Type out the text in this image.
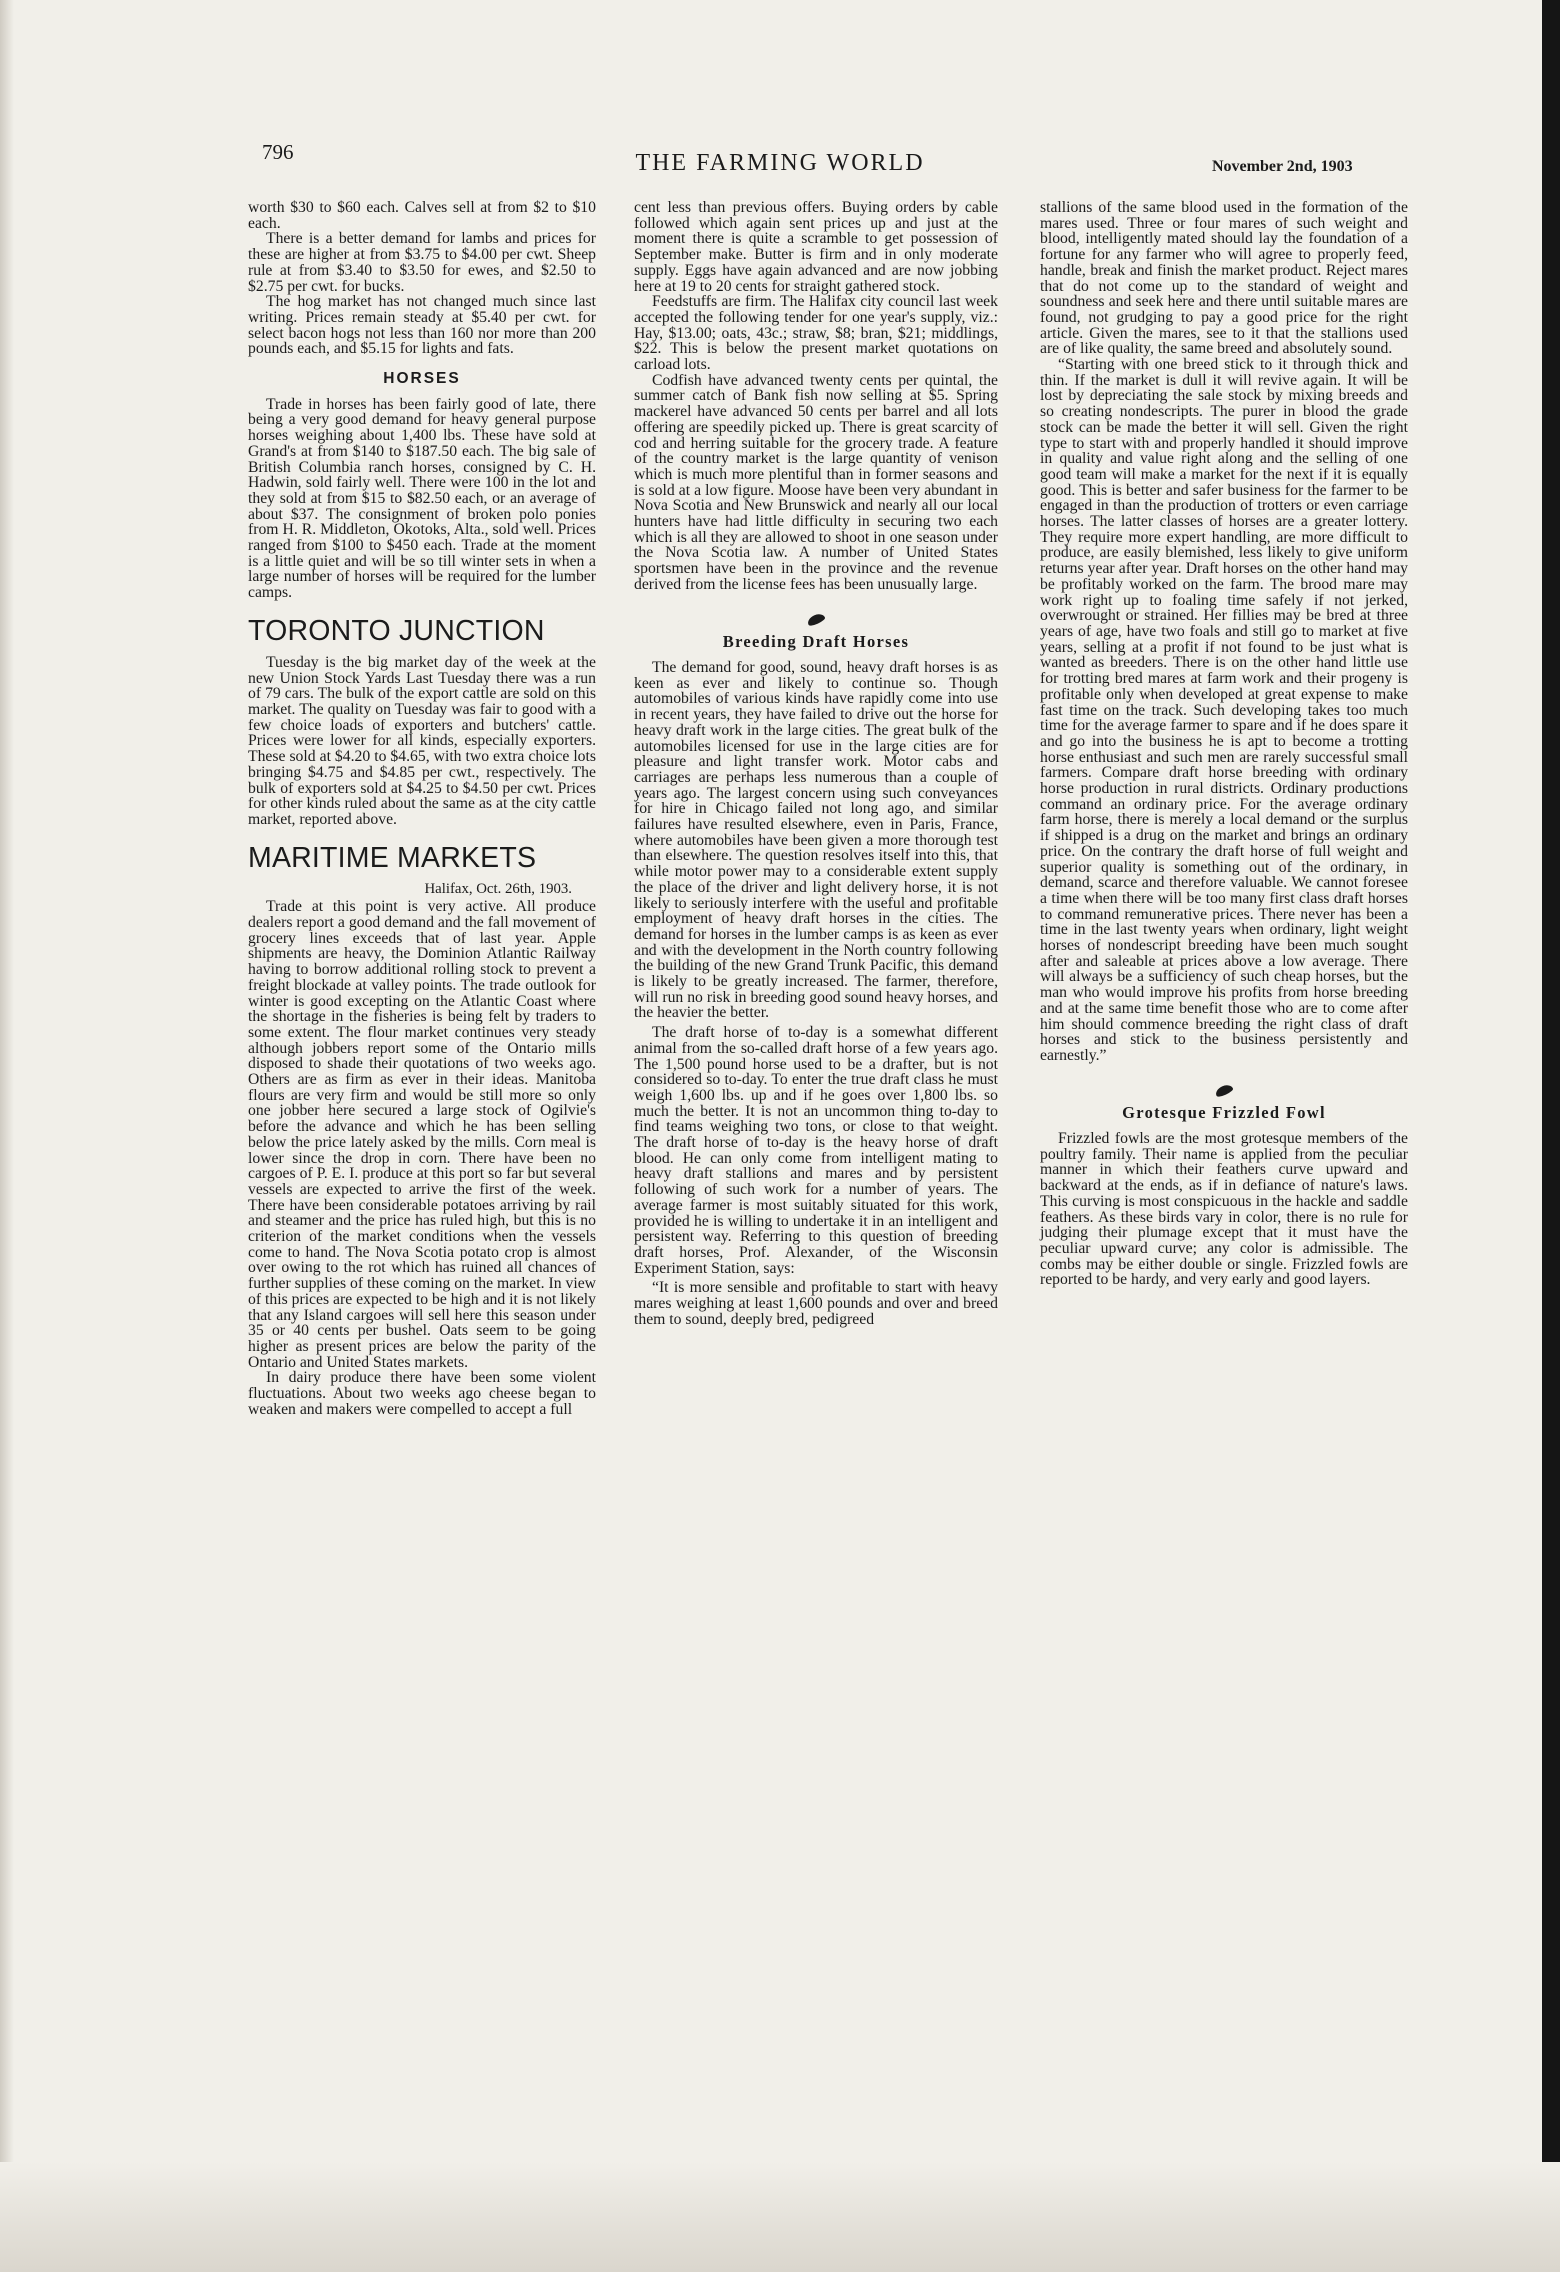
796	THE FARMING WORLD	November 2nd, 1903

worth $30 to $60 each. Calves sell at from $2 to $10 each.

There is a better demand for lambs and prices for these are higher at from $3.75 to $4.00 per cwt. Sheep rule at from $3.40 to $3.50 for ewes, and $2.50 to $2.75 per cwt. for bucks.

The hog market has not changed much since last writing. Prices remain steady at $5.40 per cwt. for select bacon hogs not less than 160 nor more than 200 pounds each, and $5.15 for lights and fats.

HORSES

Trade in horses has been fairly good of late, there being a very good demand for heavy general purpose horses weighing about 1,400 lbs. These have sold at Grand's at from $140 to $187.50 each. The big sale of British Columbia ranch horses, consigned by C. H. Hadwin, sold fairly well. There were 100 in the lot and they sold at from $15 to $82.50 each, or an average of about $37. The consignment of broken polo ponies from H. R. Middleton, Okotoks, Alta., sold well. Prices ranged from $100 to $450 each. Trade at the moment is a little quiet and will be so till winter sets in when a large number of horses will be required for the lumber camps.

TORONTO JUNCTION

Tuesday is the big market day of the week at the new Union Stock Yards Last Tuesday there was a run of 79 cars. The bulk of the export cattle are sold on this market. The quality on Tuesday was fair to good with a few choice loads of exporters and butchers' cattle. Prices were lower for all kinds, especially exporters. These sold at $4.20 to $4.65, with two extra choice lots bringing $4.75 and $4.85 per cwt., respectively. The bulk of exporters sold at $4.25 to $4.50 per cwt. Prices for other kinds ruled about the same as at the city cattle market, reported above.

MARITIME MARKETS
Halifax, Oct. 26th, 1903.

Trade at this point is very active. All produce dealers report a good demand and the fall movement of grocery lines exceeds that of last year. Apple shipments are heavy, the Dominion Atlantic Railway having to borrow additional rolling stock to prevent a freight blockade at valley points. The trade outlook for winter is good excepting on the Atlantic Coast where the shortage in the fisheries is being felt by traders to some extent. The flour market continues very steady although jobbers report some of the Ontario mills disposed to shade their quotations of two weeks ago. Others are as firm as ever in their ideas. Manitoba flours are very firm and would be still more so only one jobber here secured a large stock of Ogilvie's before the advance and which he has been selling below the price lately asked by the mills. Corn meal is lower since the drop in corn. There have been no cargoes of P. E. I. produce at this port so far but several vessels are expected to arrive the first of the week. There have been considerable potatoes arriving by rail and steamer and the price has ruled high, but this is no criterion of the market conditions when the vessels come to hand. The Nova Scotia potato crop is almost over owing to the rot which has ruined all chances of further supplies of these coming on the market. In view of this prices are expected to be high and it is not likely that any Island cargoes will sell here this season under 35 or 40 cents per bushel. Oats seem to be going higher as present prices are below the parity of the Ontario and United States markets.

In dairy produce there have been some violent fluctuations. About two weeks ago cheese began to weaken and makers were compelled to accept a full

cent less than previous offers. Buying orders by cable followed which again sent prices up and just at the moment there is quite a scramble to get possession of September make. Butter is firm and in only moderate supply. Eggs have again advanced and are now jobbing here at 19 to 20 cents for straight gathered stock.

Feedstuffs are firm. The Halifax city council last week accepted the following tender for one year's supply, viz.: Hay, $13.00; oats, 43c.; straw, $8; bran, $21; middlings, $22. This is below the present market quotations on carload lots.

Codfish have advanced twenty cents per quintal, the summer catch of Bank fish now selling at $5. Spring mackerel have advanced 50 cents per barrel and all lots offering are speedily picked up. There is great scarcity of cod and herring suitable for the grocery trade. A feature of the country market is the large quantity of venison which is much more plentiful than in former seasons and is sold at a low figure. Moose have been very abundant in Nova Scotia and New Brunswick and nearly all our local hunters have had little difficulty in securing two each which is all they are allowed to shoot in one season under the Nova Scotia law. A number of United States sportsmen have been in the province and the revenue derived from the license fees has been unusually large.

Breeding Draft Horses

The demand for good, sound, heavy draft horses is as keen as ever and likely to continue so. Though automobiles of various kinds have rapidly come into use in recent years, they have failed to drive out the horse for heavy draft work in the large cities. The great bulk of the automobiles licensed for use in the large cities are for pleasure and light transfer work. Motor cabs and carriages are perhaps less numerous than a couple of years ago. The largest concern using such conveyances for hire in Chicago failed not long ago, and similar failures have resulted elsewhere, even in Paris, France, where automobiles have been given a more thorough test than elsewhere. The question resolves itself into this, that while motor power may to a considerable extent supply the place of the driver and light delivery horse, it is not likely to seriously interfere with the useful and profitable employment of heavy draft horses in the cities. The demand for horses in the lumber camps is as keen as ever and with the development in the North country following the building of the new Grand Trunk Pacific, this demand is likely to be greatly increased. The farmer, therefore, will run no risk in breeding good sound heavy horses, and the heavier the better.

The draft horse of to-day is a somewhat different animal from the so-called draft horse of a few years ago. The 1,500 pound horse used to be a drafter, but is not considered so to-day. To enter the true draft class he must weigh 1,600 lbs. up and if he goes over 1,800 lbs. so much the better. It is not an uncommon thing to-day to find teams weighing two tons, or close to that weight. The draft horse of to-day is the heavy horse of draft blood. He can only come from intelligent mating to heavy draft stallions and mares and by persistent following of such work for a number of years. The average farmer is most suitably situated for this work, provided he is willing to undertake it in an intelligent and persistent way. Referring to this question of breeding draft horses, Prof. Alexander, of the Wisconsin Experiment Station, says:

“It is more sensible and profitable to start with heavy mares weighing at least 1,600 pounds and over and breed them to sound, deeply bred, pedigreed

stallions of the same blood used in the formation of the mares used. Three or four mares of such weight and blood, intelligently mated should lay the foundation of a fortune for any farmer who will agree to properly feed, handle, break and finish the market product. Reject mares that do not come up to the standard of weight and soundness and seek here and there until suitable mares are found, not grudging to pay a good price for the right article. Given the mares, see to it that the stallions used are of like quality, the same breed and absolutely sound.

“Starting with one breed stick to it through thick and thin. If the market is dull it will revive again. It will be lost by depreciating the sale stock by mixing breeds and so creating nondescripts. The purer in blood the grade stock can be made the better it will sell. Given the right type to start with and properly handled it should improve in quality and value right along and the selling of one good team will make a market for the next if it is equally good. This is better and safer business for the farmer to be engaged in than the production of trotters or even carriage horses. The latter classes of horses are a greater lottery. They require more expert handling, are more difficult to produce, are easily blemished, less likely to give uniform returns year after year. Draft horses on the other hand may be profitably worked on the farm. The brood mare may work right up to foaling time safely if not jerked, overwrought or strained. Her fillies may be bred at three years of age, have two foals and still go to market at five years, selling at a profit if not found to be just what is wanted as breeders. There is on the other hand little use for trotting bred mares at farm work and their progeny is profitable only when developed at great expense to make fast time on the track. Such developing takes too much time for the average farmer to spare and if he does spare it and go into the business he is apt to become a trotting horse enthusiast and such men are rarely successful small farmers. Compare draft horse breeding with ordinary horse production in rural districts. Ordinary productions command an ordinary price. For the average ordinary farm horse, there is merely a local demand or the surplus if shipped is a drug on the market and brings an ordinary price. On the contrary the draft horse of full weight and superior quality is something out of the ordinary, in demand, scarce and therefore valuable. We cannot foresee a time when there will be too many first class draft horses to command remunerative prices. There never has been a time in the last twenty years when ordinary, light weight horses of nondescript breeding have been much sought after and saleable at prices above a low average. There will always be a sufficiency of such cheap horses, but the man who would improve his profits from horse breeding and at the same time benefit those who are to come after him should commence breeding the right class of draft horses and stick to the business persistently and earnestly.”

Grotesque Frizzled Fowl

Frizzled fowls are the most grotesque members of the poultry family. Their name is applied from the peculiar manner in which their feathers curve upward and backward at the ends, as if in defiance of nature's laws. This curving is most conspicuous in the hackle and saddle feathers. As these birds vary in color, there is no rule for judging their plumage except that it must have the peculiar upward curve; any color is admissible. The combs may be either double or single. Frizzled fowls are reported to be hardy, and very early and good layers.
